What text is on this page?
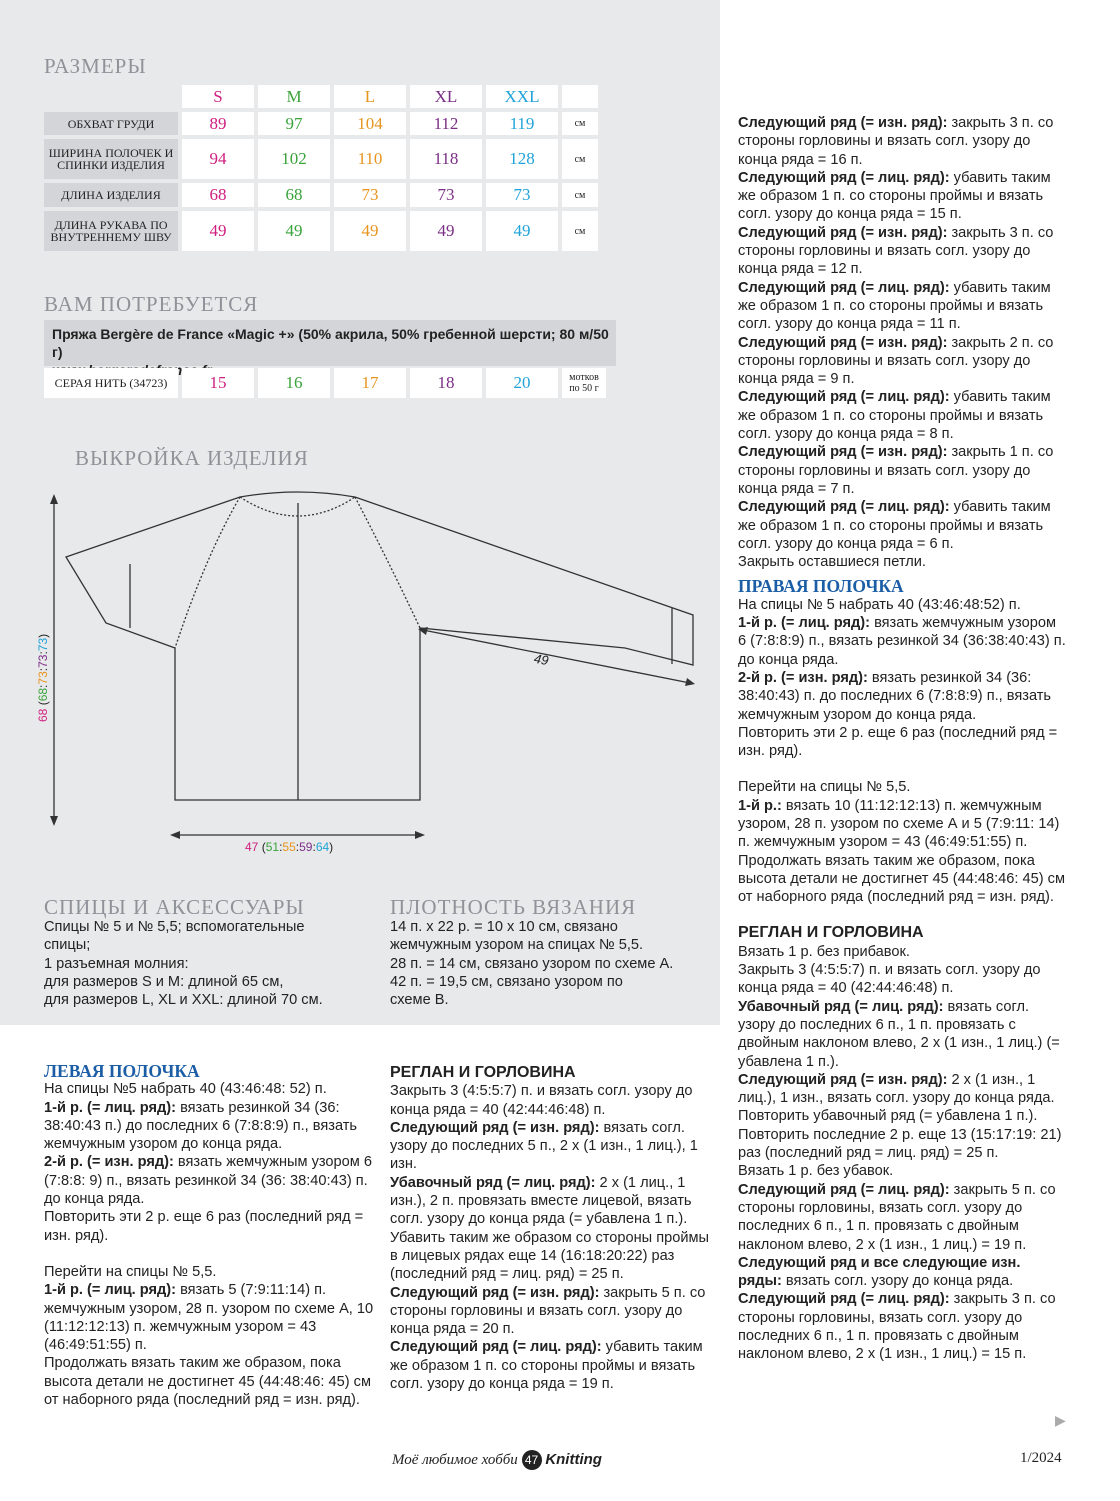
РАЗМЕРЫ
	S	M	L	XL	XXL	
ОБХВАТ ГРУДИ	89	97	104	112	119	см
ШИРИНА ПОЛОЧЕК И СПИНКИ ИЗДЕЛИЯ	94	102	110	118	128	см
ДЛИНА ИЗДЕЛИЯ	68	68	73	73	73	см
ДЛИНА РУКАВА ПО ВНУТРЕННЕМУ ШВУ	49	49	49	49	49	см
ВАМ ПОТРЕБУЕТСЯ
Пряжа Bergère de France «Magic +» (50% акрила, 50% гребенной шерсти; 80 м/50 г)
СЕРАЯ НИТЬ (34723)	15	16	17	18	20	мотков по 50 г
ВЫКРОЙКА ИЗДЕЛИЯ
68 (68:73:73:73)
47 (51:55:59:64)
49
СПИЦЫ И АКСЕССУАРЫ

Спицы № 5 и № 5,5; вспомогательные

спицы;

1 разъемная молния:

для размеров S и M: длиной 65 см,

для размеров L, XL и XXL: длиной 70 см.

ПЛОТНОСТЬ ВЯЗАНИЯ

14 п. х 22 р. = 10 х 10 см, связано

жемчужным узором на спицах № 5,5.

28 п. = 14 см, связано узором по схеме А.

42 п. = 19,5 см, связано узором по

схеме В.

ЛЕВАЯ ПОЛОЧКА

На спицы №5 набрать 40 (43:46:48: 52) п.

1-й р. (= лиц. ряд): вязать резинкой 34 (36: 38:40:43 п.) до последних 6 (7:8:8:9) п., вязать жемчужным узором до конца ряда.

2-й р. (= изн. ряд): вязать жемчужным узором 6 (7:8:8: 9) п., вязать резинкой 34 (36: 38:40:43) п. до конца ряда.

Повторить эти 2 р. еще 6 раз (последний ряд = изн. ряд).

Перейти на спицы № 5,5.

1-й р. (= лиц. ряд): вязать 5 (7:9:11:14) п. жемчужным узором, 28 п. узором по схеме А, 10 (11:12:12:13) п. жемчужным узором = 43 (46:49:51:55) п.

Продолжать вязать таким же образом, пока высота детали не достигнет 45 (44:48:46: 45) см от наборного ряда (последний ряд = изн. ряд).

РЕГЛАН И ГОРЛОВИНА

Закрыть 3 (4:5:5:7) п. и вязать согл. узору до конца ряда = 40 (42:44:46:48) п.

Следующий ряд (= изн. ряд): вязать согл. узору до последних 5 п., 2 х (1 изн., 1 лиц.), 1 изн.

Убавочный ряд (= лиц. ряд): 2 х (1 лиц., 1 изн.), 2 п. провязать вместе лицевой, вязать согл. узору до конца ряда (= убавлена 1 п.).

Убавить таким же образом со стороны проймы в лицевых рядах еще 14 (16:18:20:22) раз (последний ряд = лиц. ряд) = 25 п.

Следующий ряд (= изн. ряд): закрыть 5 п. со стороны горловины и вязать согл. узору до конца ряда = 20 п.

Следующий ряд (= лиц. ряд): убавить таким же образом 1 п. со стороны проймы и вязать согл. узору до конца ряда = 19 п.

Следующий ряд (= изн. ряд): закрыть 3 п. со стороны горловины и вязать согл. узору до конца ряда = 16 п.

Следующий ряд (= лиц. ряд): убавить таким же образом 1 п. со стороны проймы и вязать согл. узору до конца ряда = 15 п.

Следующий ряд (= изн. ряд): закрыть 3 п. со стороны горловины и вязать согл. узору до конца ряда = 12 п.

Следующий ряд (= лиц. ряд): убавить таким же образом 1 п. со стороны проймы и вязать согл. узору до конца ряда = 11 п.

Следующий ряд (= изн. ряд): закрыть 2 п. со стороны горловины и вязать согл. узору до конца ряда = 9 п.

Следующий ряд (= лиц. ряд): убавить таким же образом 1 п. со стороны проймы и вязать согл. узору до конца ряда = 8 п.

Следующий ряд (= изн. ряд): закрыть 1 п. со стороны горловины и вязать согл. узору до конца ряда = 7 п.

Следующий ряд (= лиц. ряд): убавить таким же образом 1 п. со стороны проймы и вязать согл. узору до конца ряда = 6 п.

Закрыть оставшиеся петли.

ПРАВАЯ ПОЛОЧКА

На спицы № 5 набрать 40 (43:46:48:52) п.

1-й р. (= лиц. ряд): вязать жемчужным узором 6 (7:8:8:9) п., вязать резинкой 34 (36:38:40:43) п. до конца ряда.

2-й р. (= изн. ряд): вязать резинкой 34 (36: 38:40:43) п. до последних 6 (7:8:8:9) п., вязать жемчужным узором до конца ряда.

Повторить эти 2 р. еще 6 раз (последний ряд = изн. ряд).

Перейти на спицы № 5,5.

1-й р.: вязать 10 (11:12:12:13) п. жемчужным узором, 28 п. узором по схеме А и 5 (7:9:11: 14) п. жемчужным узором = 43 (46:49:51:55) п.

Продолжать вязать таким же образом, пока высота детали не достигнет 45 (44:48:46: 45) см от наборного ряда (последний ряд = изн. ряд).

РЕГЛАН И ГОРЛОВИНА

Вязать 1 р. без прибавок.

Закрыть 3 (4:5:5:7) п. и вязать согл. узору до конца ряда = 40 (42:44:46:48) п.

Убавочный ряд (= лиц. ряд): вязать согл. узору до последних 6 п., 1 п. провязать с двойным наклоном влево, 2 х (1 изн., 1 лиц.) (= убавлена 1 п.).

Следующий ряд (= изн. ряд): 2 х (1 изн., 1 лиц.), 1 изн., вязать согл. узору до конца ряда.

Повторить убавочный ряд (= убавлена 1 п.). Повторить последние 2 р. еще 13 (15:17:19: 21) раз (последний ряд = лиц. ряд) = 25 п.

Вязать 1 р. без убавок.

Следующий ряд (= лиц. ряд): закрыть 5 п. со стороны горловины, вязать согл. узору до последних 6 п., 1 п. провязать с двойным наклоном влево, 2 х (1 изн., 1 лиц.) = 19 п.

Следующий ряд и все следующие изн. ряды: вязать согл. узору до конца ряда.

Следующий ряд (= лиц. ряд): закрыть 3 п. со стороны горловины, вязать согл. узору до последних 6 п., 1 п. провязать с двойным наклоном влево, 2 х (1 изн., 1 лиц.) = 15 п.

▶
Моё любимое хобби 47 Knitting	1/2024
